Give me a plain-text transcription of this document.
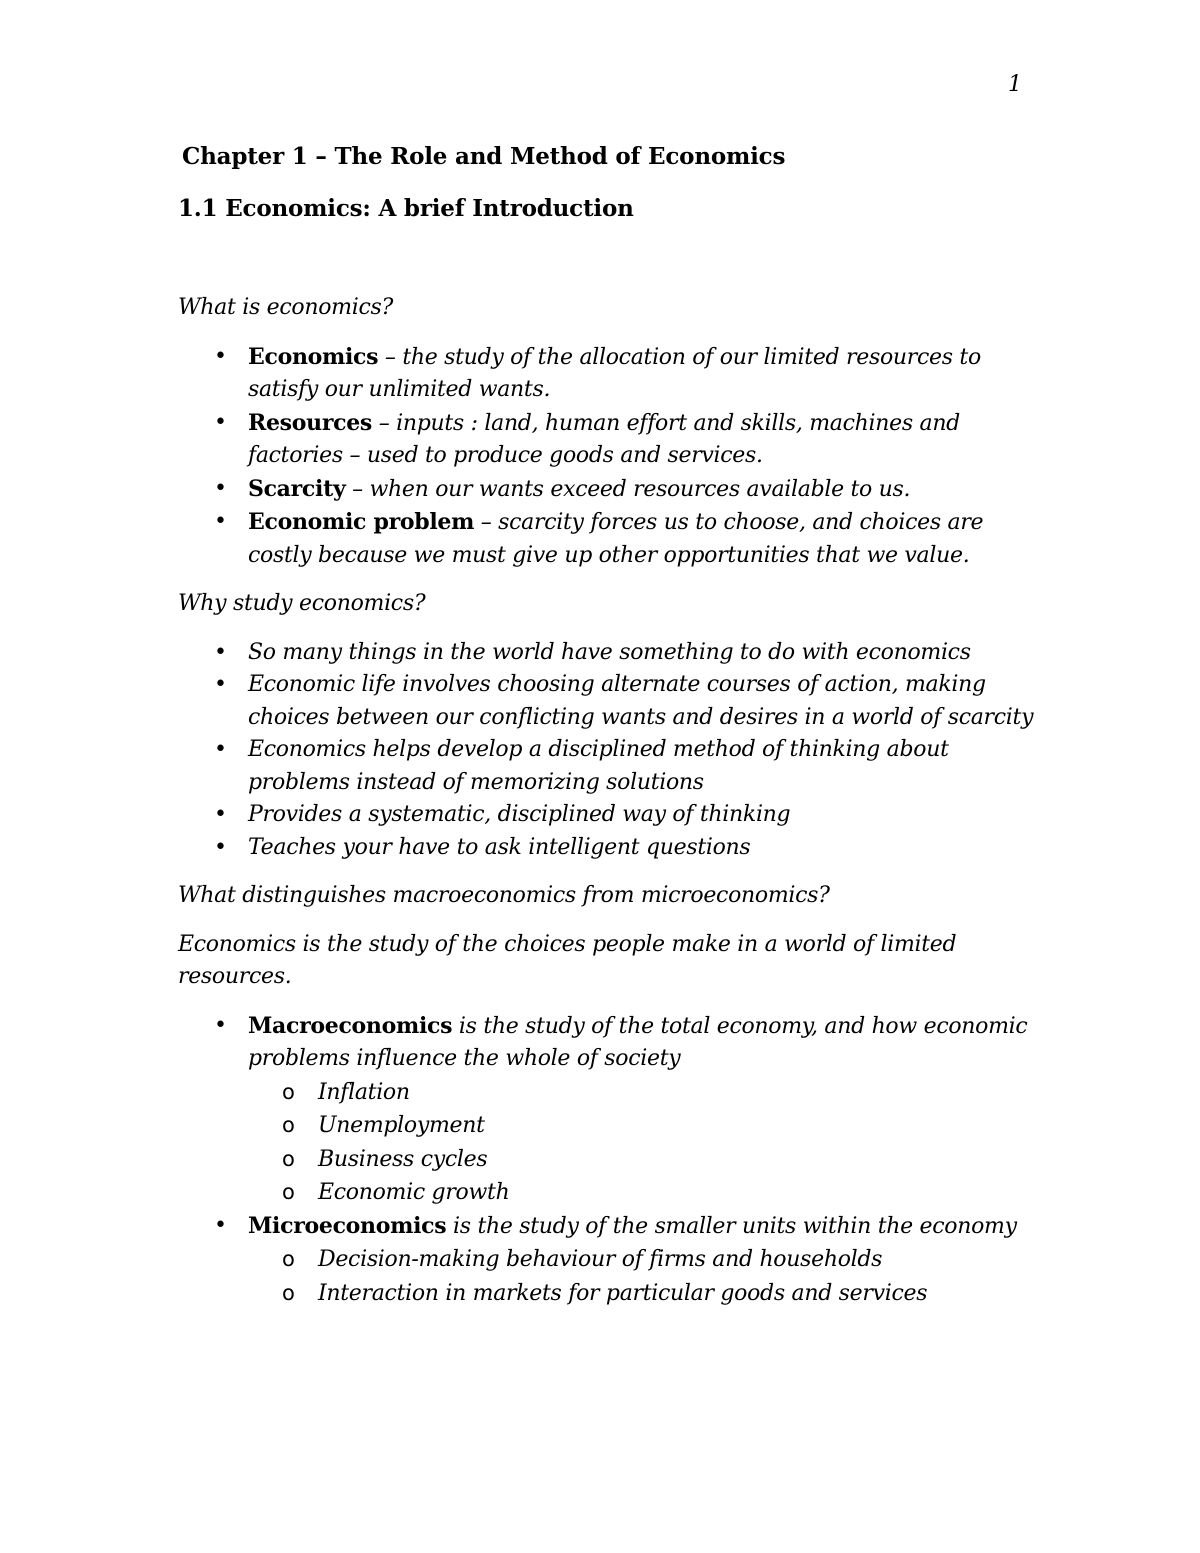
1
Chapter 1 – The Role and Method of Economics
1.1 Economics: A brief Introduction

What is economics?

• Economics – the study of the allocation of our limited resources to satisfy our unlimited wants.
• Resources – inputs : land, human effort and skills, machines and factories – used to produce goods and services.
• Scarcity – when our wants exceed resources available to us.
• Economic problem – scarcity forces us to choose, and choices are costly because we must give up other opportunities that we value.

Why study economics?

• So many things in the world have something to do with economics
• Economic life involves choosing alternate courses of action, making choices between our conflicting wants and desires in a world of scarcity
• Economics helps develop a disciplined method of thinking about problems instead of memorizing solutions
• Provides a systematic, disciplined way of thinking
• Teaches your have to ask intelligent questions

What distinguishes macroeconomics from microeconomics?

Economics is the study of the choices people make in a world of limited resources.

• Macroeconomics is the study of the total economy, and how economic problems influence the whole of society
o Inflation
o Unemployment
o Business cycles
o Economic growth
• Microeconomics is the study of the smaller units within the economy
o Decision-making behaviour of firms and households
o Interaction in markets for particular goods and services
